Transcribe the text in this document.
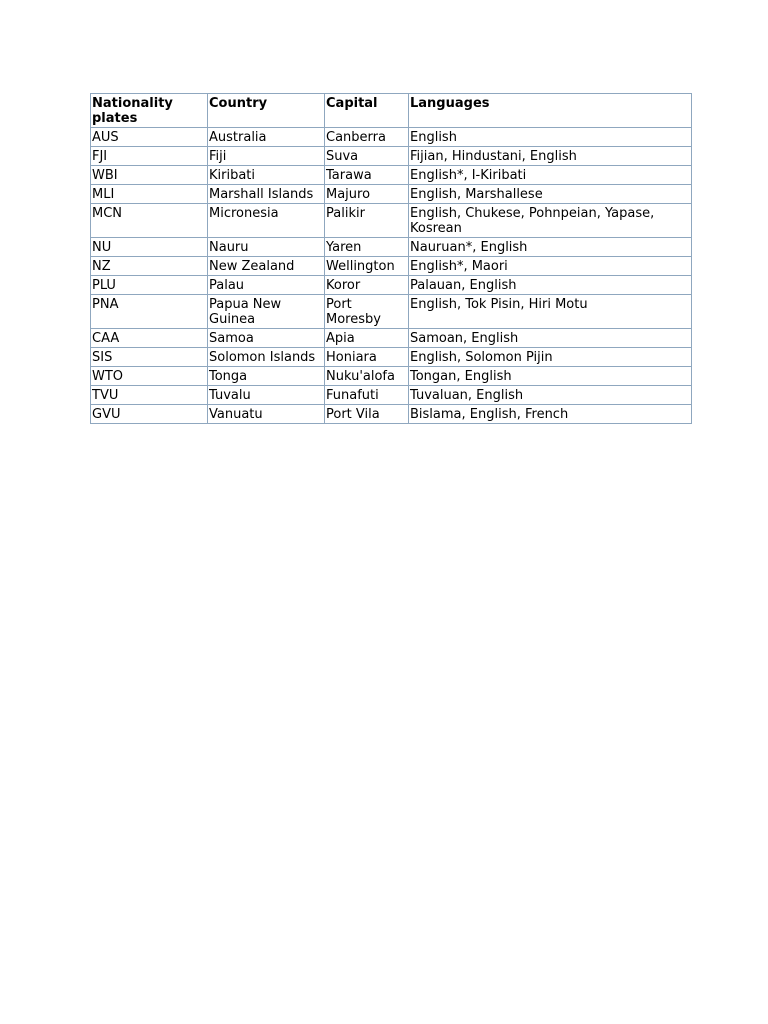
Nationality plates	Country	Capital	Languages
AUS	Australia	Canberra	English
FJI	Fiji	Suva	Fijian, Hindustani, English
WBI	Kiribati	Tarawa	English*, I-Kiribati
MLI	Marshall Islands	Majuro	English, Marshallese
MCN	Micronesia	Palikir	English, Chukese, Pohnpeian, Yapase, Kosrean
NU	Nauru	Yaren	Nauruan*, English
NZ	New Zealand	Wellington	English*, Maori
PLU	Palau	Koror	Palauan, English
PNA	Papua New Guinea	Port Moresby	English, Tok Pisin, Hiri Motu
CAA	Samoa	Apia	Samoan, English
SIS	Solomon Islands	Honiara	English, Solomon Pijin
WTO	Tonga	Nuku'alofa	Tongan, English
TVU	Tuvalu	Funafuti	Tuvaluan, English
GVU	Vanuatu	Port Vila	Bislama, English, French
